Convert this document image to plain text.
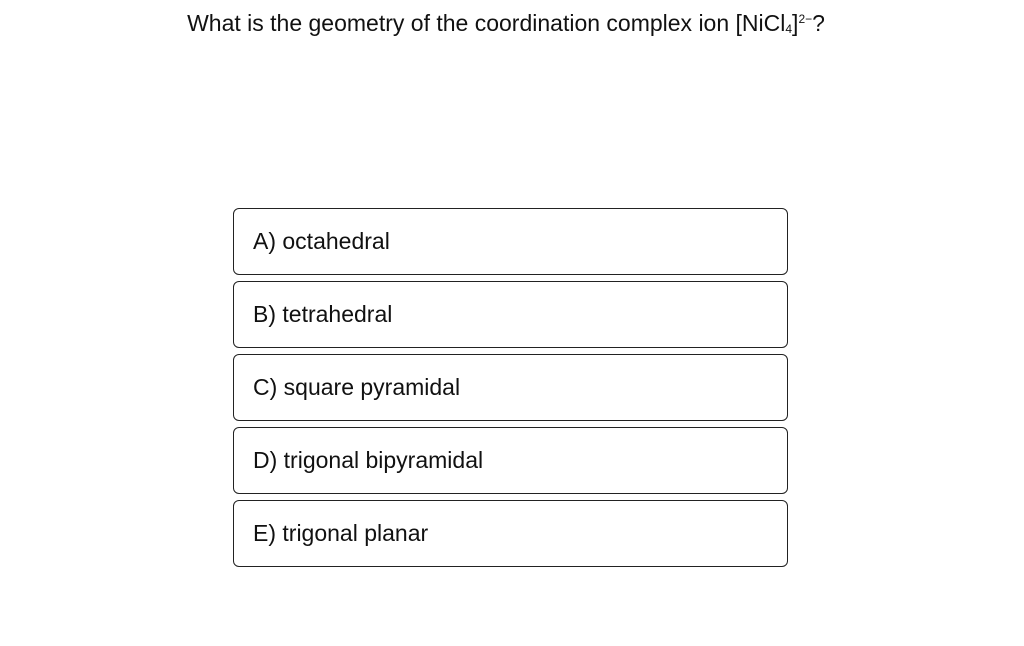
What is the geometry of the coordination complex ion [NiCl$_4$]$^{2-}$?
A) octahedral
B) tetrahedral
C) square pyramidal
D) trigonal bipyramidal
E) trigonal planar
